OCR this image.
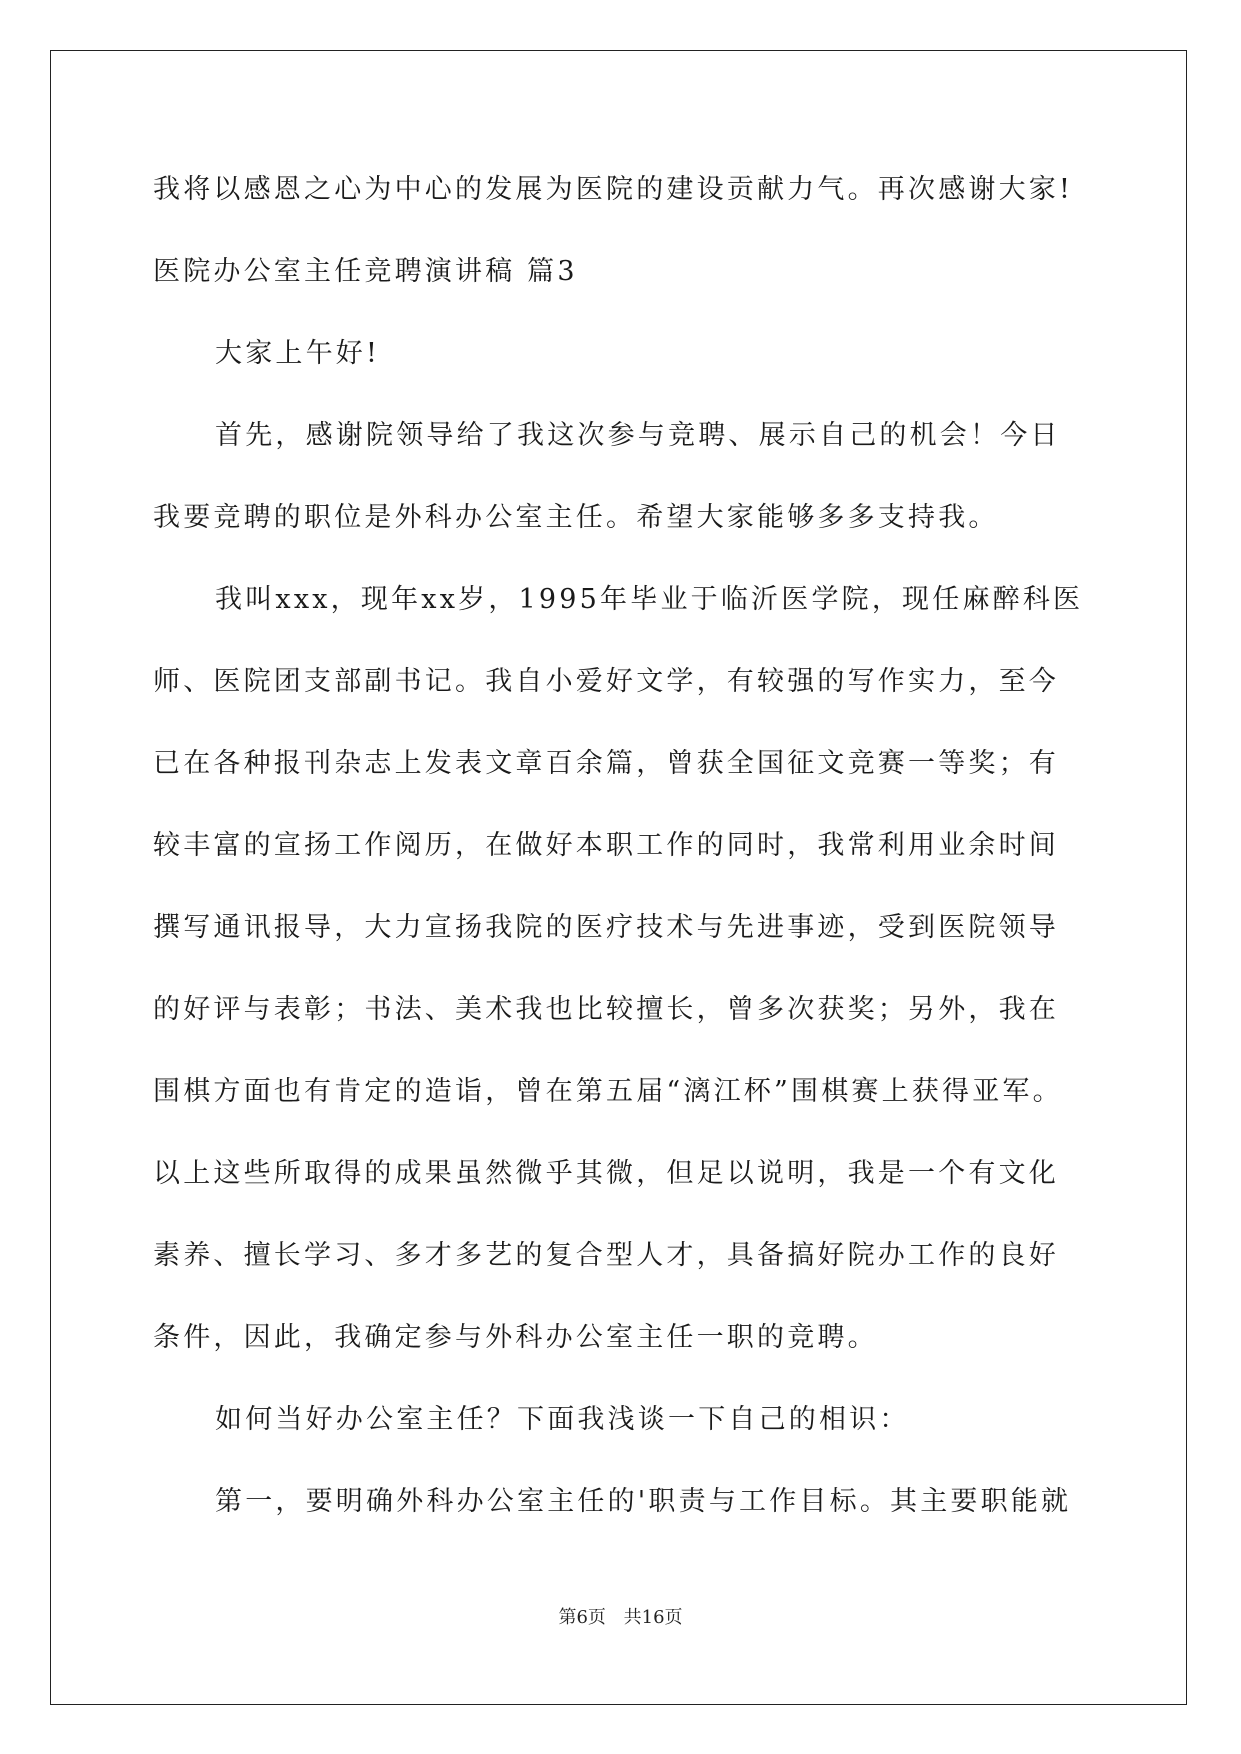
我将以感恩之心为中心的发展为医院的建设贡献力气。再次感谢大家!
医院办公室主任竞聘演讲稿 篇3
大家上午好!
首先，感谢院领导给了我这次参与竞聘、展示自己的机会！今日
我要竞聘的职位是外科办公室主任。希望大家能够多多支持我。
我叫xxx，现年xx岁，1995年毕业于临沂医学院，现任麻醉科医
师、医院团支部副书记。我自小爱好文学，有较强的写作实力，至今
已在各种报刊杂志上发表文章百余篇，曾获全国征文竞赛一等奖；有
较丰富的宣扬工作阅历，在做好本职工作的同时，我常利用业余时间
撰写通讯报导，大力宣扬我院的医疗技术与先进事迹，受到医院领导
的好评与表彰；书法、美术我也比较擅长，曾多次获奖；另外，我在
围棋方面也有肯定的造诣，曾在第五届“漓江杯”围棋赛上获得亚军。
以上这些所取得的成果虽然微乎其微，但足以说明，我是一个有文化
素养、擅长学习、多才多艺的复合型人才，具备搞好院办工作的良好
条件，因此，我确定参与外科办公室主任一职的竞聘。
如何当好办公室主任？下面我浅谈一下自己的相识：
第一，要明确外科办公室主任的'职责与工作目标。其主要职能就
第6页 共16页
